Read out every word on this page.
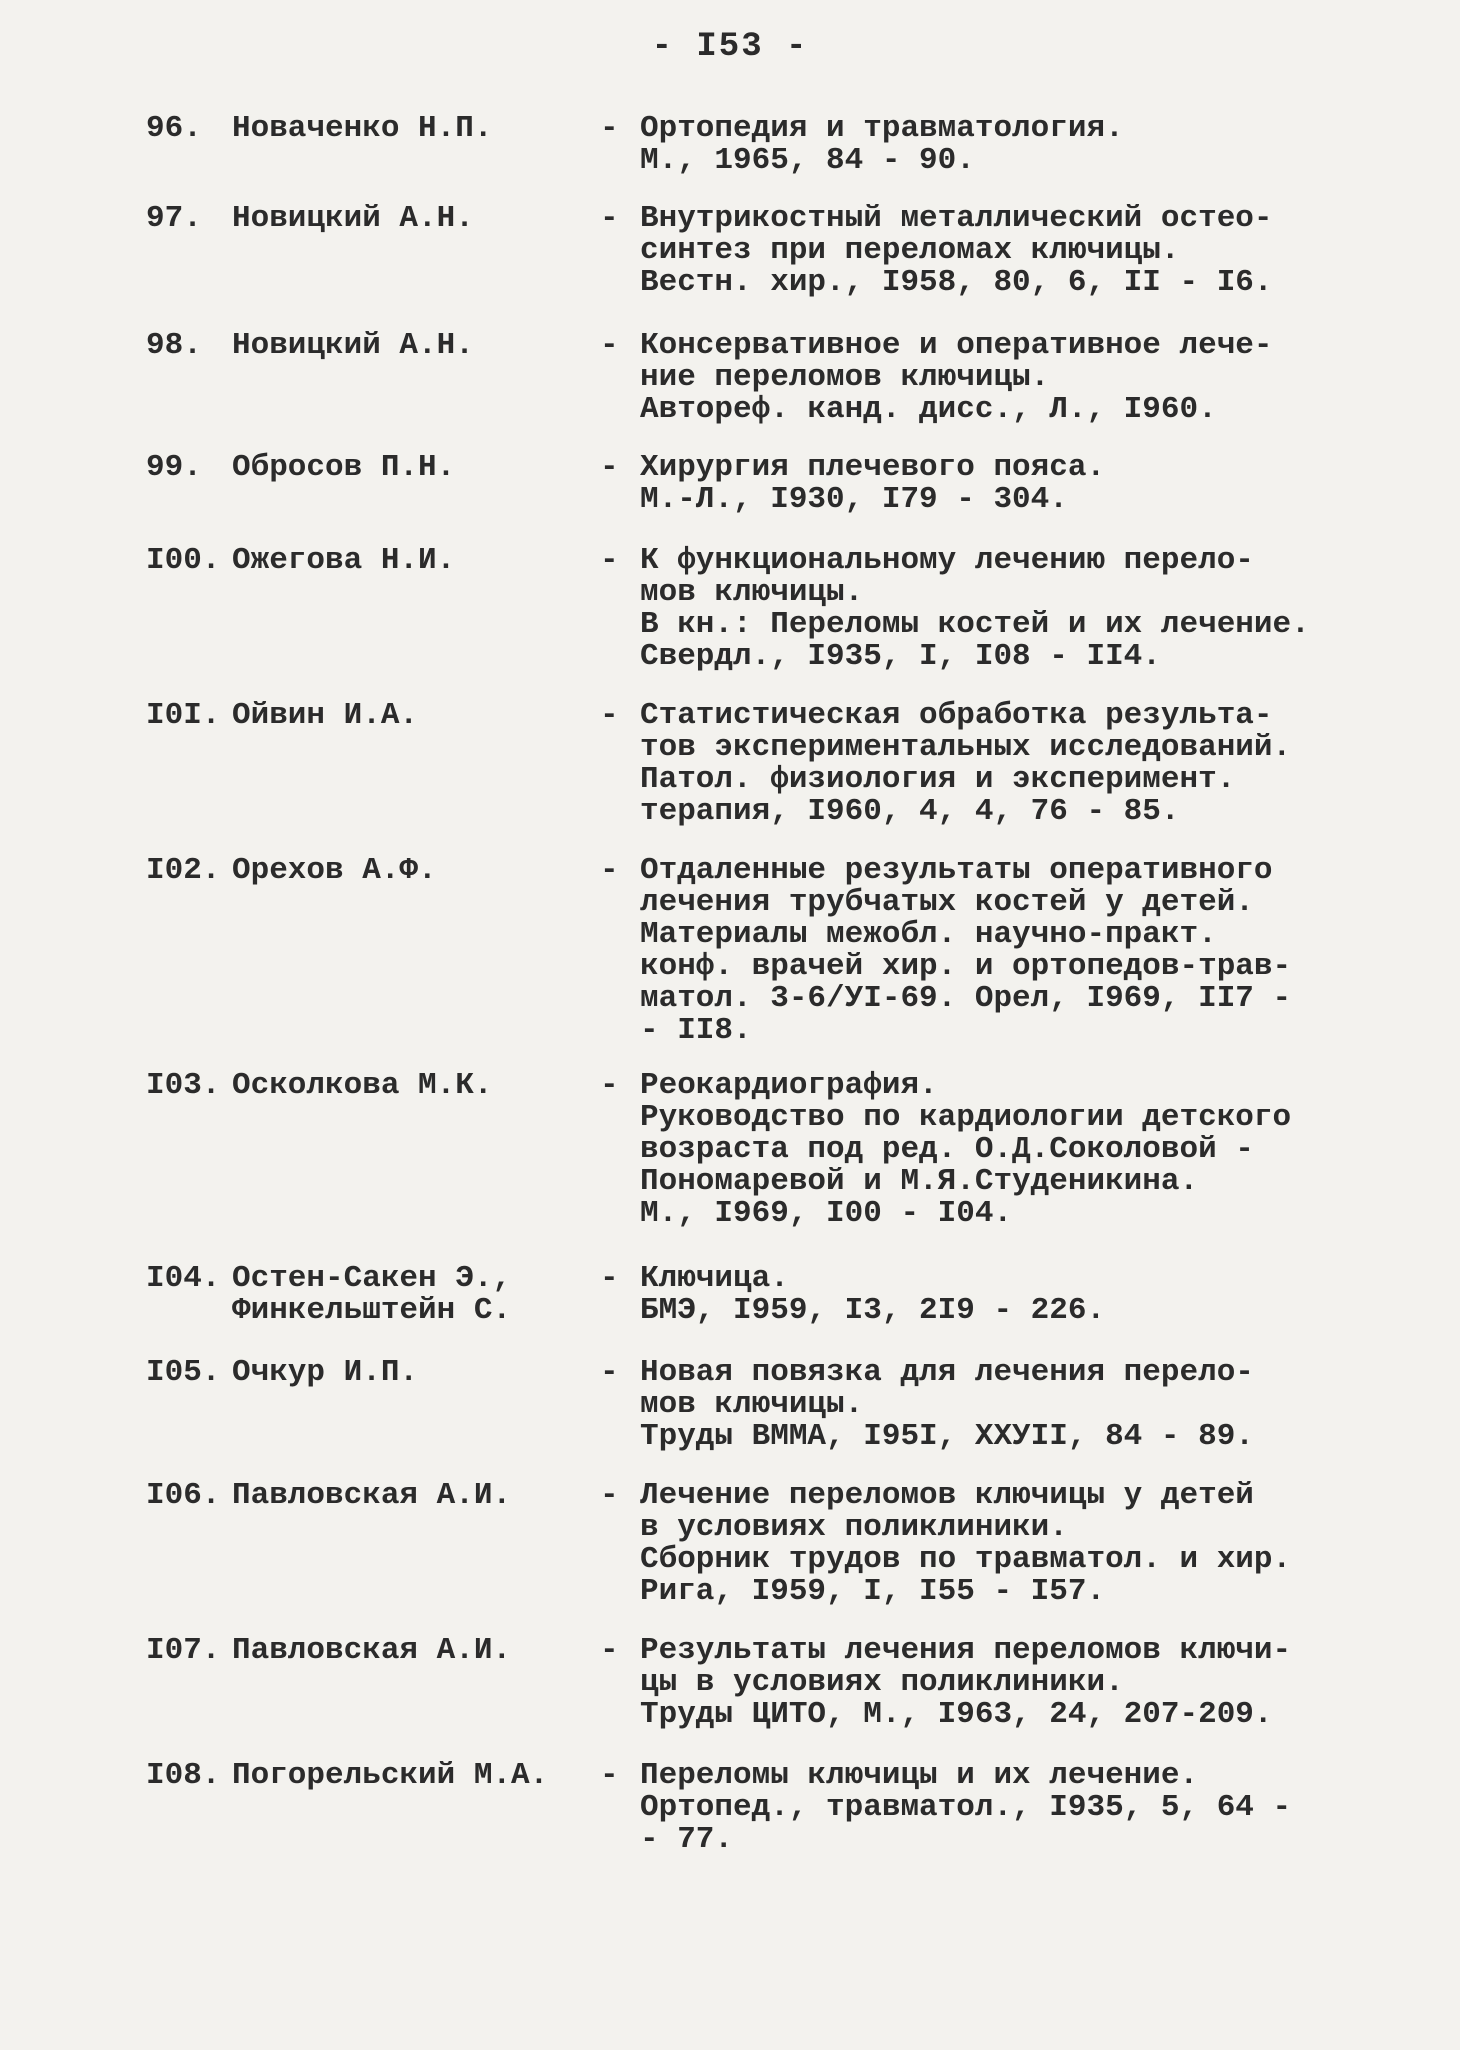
- I53 -
96. Новаченко Н.П.	- Ортопедия и травматология.
М., 1965, 84 - 90.
97. Новицкий А.Н.	- Внутрикостный металлический остео-
синтез при переломах ключицы.
Вестн. хир., I958, 80, 6, II - I6.
98. Новицкий А.Н.	- Консервативное и оперативное лече-
ние переломов ключицы.
Автореф. канд. дисс., Л., I960.
99. Обросов П.Н.	- Хирургия плечевого пояса.
М.-Л., I930, I79 - 304.
I00. Ожегова Н.И.	- К функциональному лечению перело-
мов ключицы.
В кн.: Переломы костей и их лечение.
Свердл., I935, I, I08 - II4.
I0I. Ойвин И.А.	- Статистическая обработка результа-
тов экспериментальных исследований.
Патол. физиология и эксперимент.
терапия, I960, 4, 4, 76 - 85.
I02. Орехов А.Ф.	- Отдаленные результаты оперативного
лечения трубчатых костей у детей.
Материалы межобл. научно-практ.
конф. врачей хир. и ортопедов-трав-
матол. 3-6/УI-69. Орел, I969, II7 -
- II8.
I03. Осколкова М.К.	- Реокардиография.
Руководство по кардиологии детского
возраста под ред. О.Д.Соколовой -
Пономаревой и М.Я.Студеникина.
М., I969, I00 - I04.
I04. Остен-Сакен Э.,
Финкельштейн С.
- Ключица.
БМЭ, I959, I3, 2I9 - 226.
I05. Очкур И.П.	- Новая повязка для лечения перело-
мов ключицы.
Труды ВММА, I95I, ХХУII, 84 - 89.
I06. Павловская А.И.	- Лечение переломов ключицы у детей
в условиях поликлиники.
Сборник трудов по травматол. и хир.
Рига, I959, I, I55 - I57.
I07. Павловская А.И.	- Результаты лечения переломов ключи-
цы в условиях поликлиники.
Труды ЦИТО, М., I963, 24, 207-209.
I08. Погорельский М.А.	- Переломы ключицы и их лечение.
Ортопед., травматол., I935, 5, 64 -
- 77.
